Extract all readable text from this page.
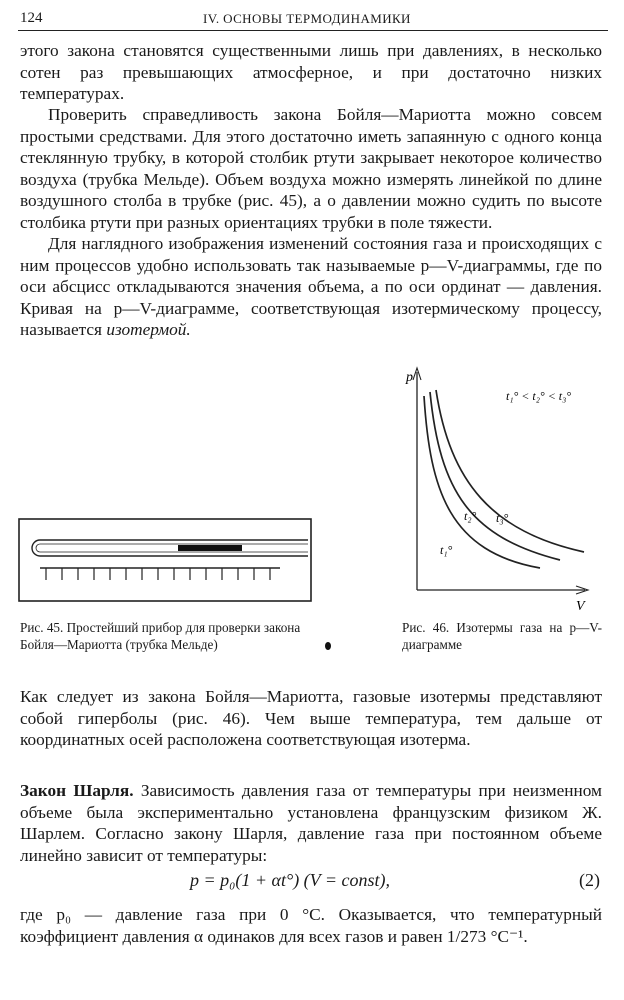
124	IV. ОСНОВЫ ТЕРМОДИНАМИКИ

этого закона становятся существенными лишь при давлениях, в несколько сотен раз превышающих атмосферное, и при достаточно низких температурах.

Проверить справедливость закона Бойля—Мариотта можно совсем простыми средствами. Для этого достаточно иметь запаянную с одного конца стеклянную трубку, в которой столбик ртути закрывает некоторое количество воздуха (трубка Мельде). Объем воздуха можно измерять линейкой по длине воздушного столба в трубке (рис. 45), а о давлении можно судить по высоте столбика ртути при разных ориентациях трубки в поле тяжести.

Для наглядного изображения изменений состояния газа и происходящих с ним процессов удобно использовать так называемые p—V-диаграммы, где по оси абсцисс откладываются значения объема, а по оси ординат — давления. Кривая на p—V-диаграмме, соответствующая изотермическому процессу, называется изотермой.

Рис. 45. Простейший прибор для проверки закона Бойля—Мариотта (трубка Мельде)

p
V
t₁°
t₂° t₃°
t₁° < t₂° < t₃°

Рис. 46. Изотермы газа на p—V-диаграмме

Как следует из закона Бойля—Мариотта, газовые изотермы представляют собой гиперболы (рис. 46). Чем выше температура, тем дальше от координатных осей расположена соответствующая изотерма.

Закон Шарля. Зависимость давления газа от температуры при неизменном объеме была экспериментально установлена французским физиком Ж. Шарлем. Согласно закону Шарля, давление газа при постоянном объеме линейно зависит от температуры:

p = p₀(1 + αt°) (V = const),	(2)

где p₀ — давление газа при 0 °С. Оказывается, что температурный коэффициент давления α одинаков для всех газов и равен 1/273 °С⁻¹.
